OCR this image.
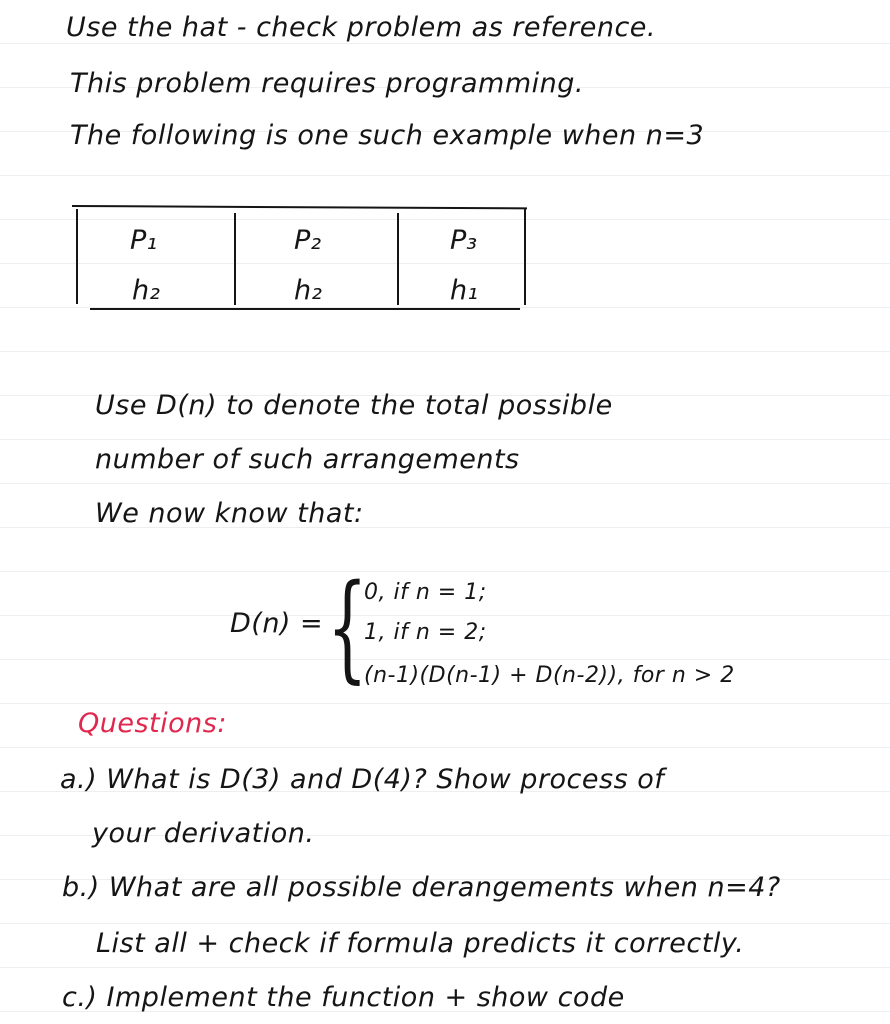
Use the hat - check problem as reference.
This problem requires programming.
The following is one such example when n=3
P₁	P₂	P₃
h₂	h₂	h₁
Use D(n) to denote the total possible
number of such arrangements
We now know that:
D(n) = {
0, if n = 1;
1, if n = 2;
(n-1)(D(n-1) + D(n-2)), for n > 2
Questions:
a.) What is D(3) and D(4)? Show process of
your derivation.
b.) What are all possible derangements when n=4?
List all + check if formula predicts it correctly.
c.) Implement the function + show code
